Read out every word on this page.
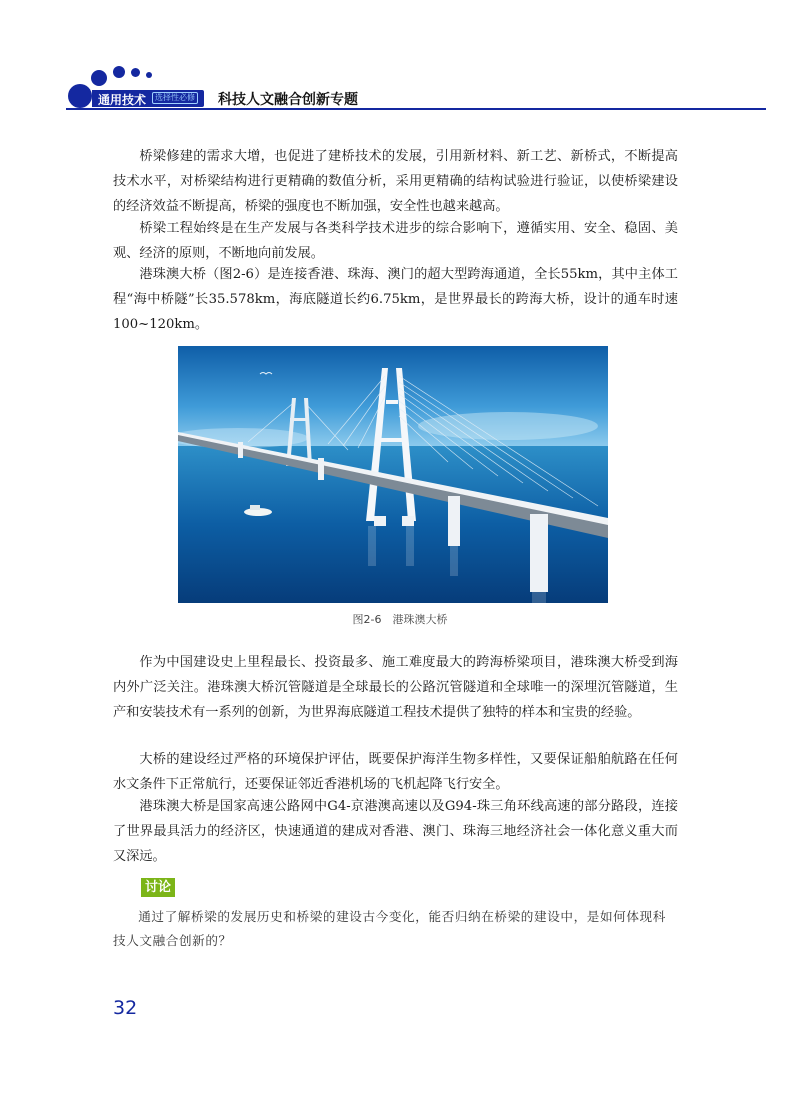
通用技术	选择性必修 科技人文融合创新专题

桥梁修建的需求大增，也促进了建桥技术的发展，引用新材料、新工艺、新桥式，不断提高技术水平，对桥梁结构进行更精确的数值分析，采用更精确的结构试验进行验证，以使桥梁建设的经济效益不断提高，桥梁的强度也不断加强，安全性也越来越高。

桥梁工程始终是在生产发展与各类科学技术进步的综合影响下，遵循实用、安全、稳固、美观、经济的原则，不断地向前发展。

港珠澳大桥（图2-6）是连接香港、珠海、澳门的超大型跨海通道，全长55km，其中主体工程“海中桥隧”长35.578km，海底隧道长约6.75km，是世界最长的跨海大桥，设计的通车时速100~120km。

图2-6　港珠澳大桥

作为中国建设史上里程最长、投资最多、施工难度最大的跨海桥梁项目，港珠澳大桥受到海内外广泛关注。港珠澳大桥沉管隧道是全球最长的公路沉管隧道和全球唯一的深埋沉管隧道，生产和安装技术有一系列的创新，为世界海底隧道工程技术提供了独特的样本和宝贵的经验。

大桥的建设经过严格的环境保护评估，既要保护海洋生物多样性，又要保证船舶航路在任何水文条件下正常航行，还要保证邻近香港机场的飞机起降飞行安全。

港珠澳大桥是国家高速公路网中G4-京港澳高速以及G94-珠三角环线高速的部分路段，连接了世界最具活力的经济区，快速通道的建成对香港、澳门、珠海三地经济社会一体化意义重大而又深远。

讨论

通过了解桥梁的发展历史和桥梁的建设古今变化，能否归纳在桥梁的建设中，是如何体现科技人文融合创新的？

32
